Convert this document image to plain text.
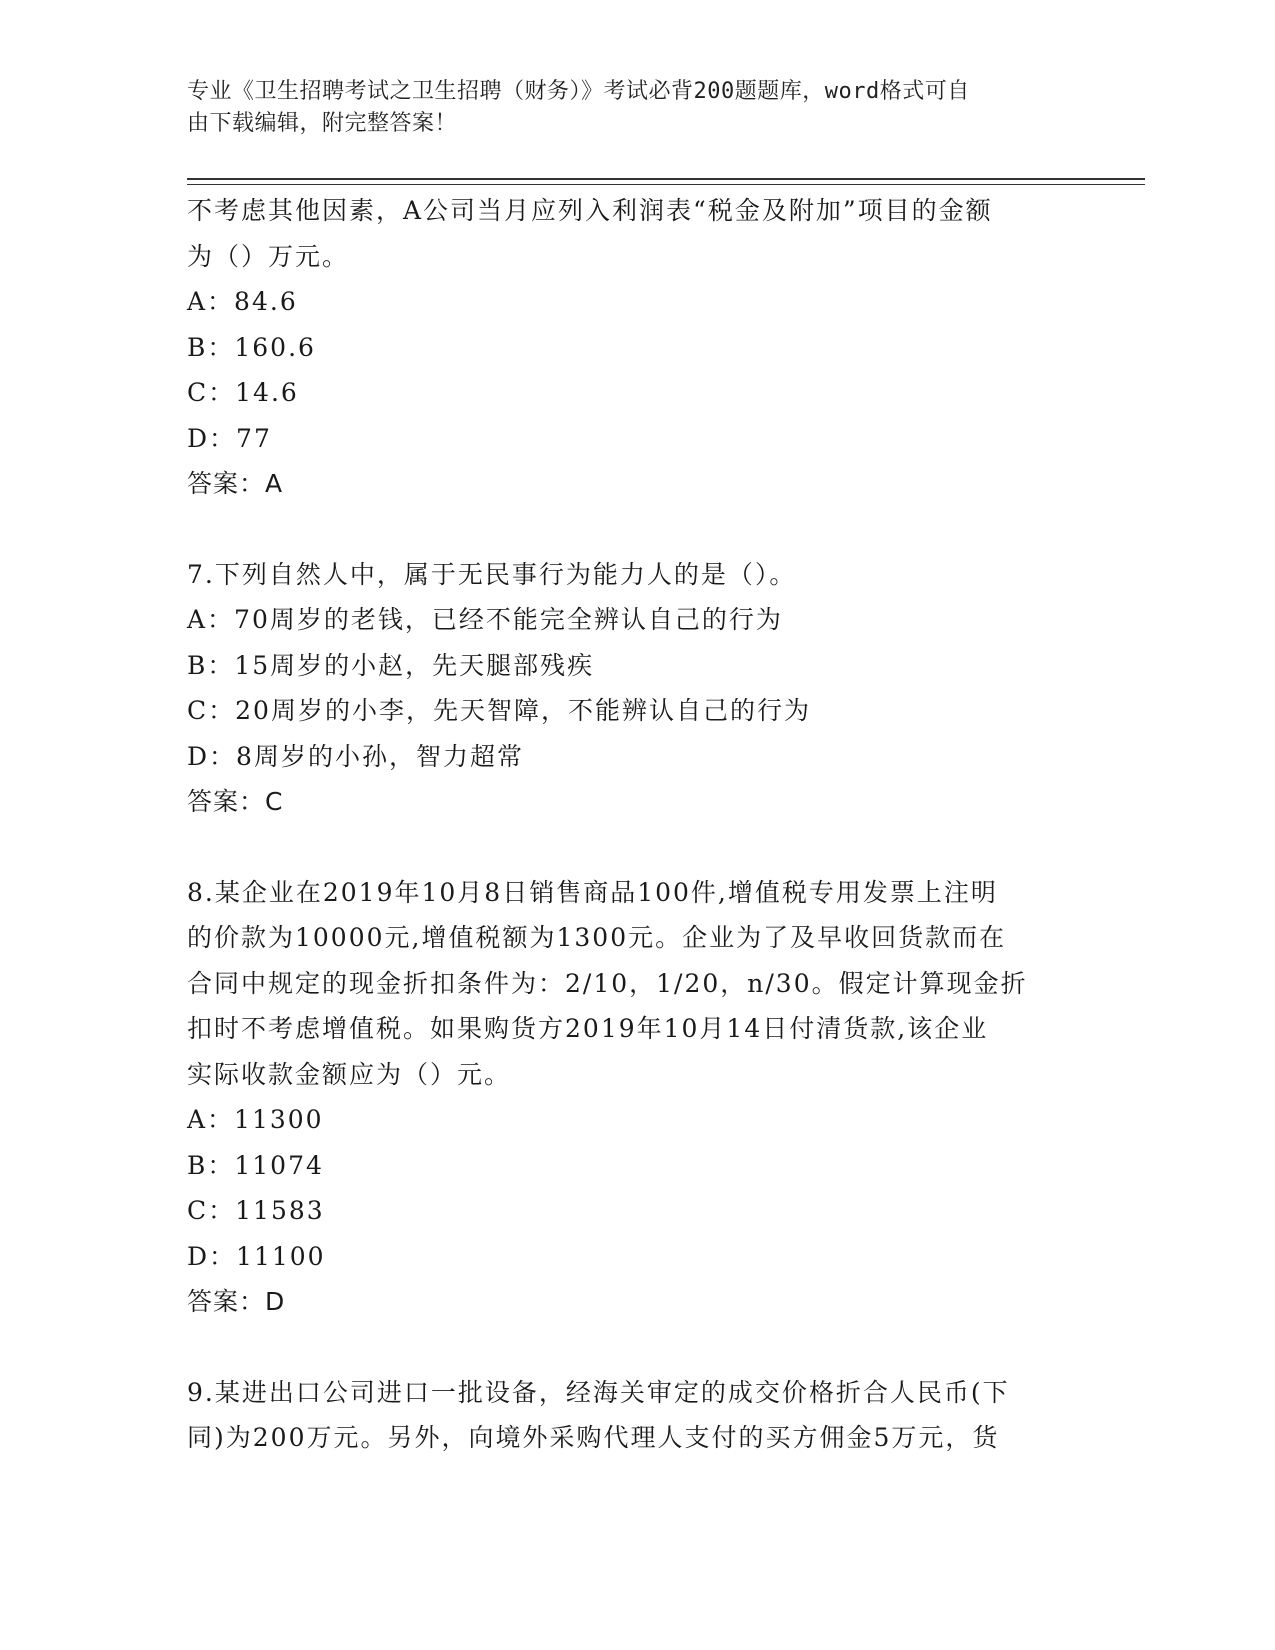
专业《卫生招聘考试之卫生招聘（财务）》考试必背200题题库，word格式可自
由下载编辑，附完整答案！
不考虑其他因素，A公司当月应列入利润表“税金及附加”项目的金额
为（）万元。
A：84.6
B：160.6
C：14.6
D：77
答案：A
7.下列自然人中，属于无民事行为能力人的是（）。
A：70周岁的老钱，已经不能完全辨认自己的行为
B：15周岁的小赵，先天腿部残疾
C：20周岁的小李，先天智障，不能辨认自己的行为
D：8周岁的小孙，智力超常
答案：C
8.某企业在2019年10月8日销售商品100件,增值税专用发票上注明
的价款为10000元,增值税额为1300元。企业为了及早收回货款而在
合同中规定的现金折扣条件为：2/10，1/20，n/30。假定计算现金折
扣时不考虑增值税。如果购货方2019年10月14日付清货款,该企业
实际收款金额应为（）元。
A：11300
B：11074
C：11583
D：11100
答案：D
9.某进出口公司进口一批设备，经海关审定的成交价格折合人民币(下
同)为200万元。另外，向境外采购代理人支付的买方佣金5万元，货
